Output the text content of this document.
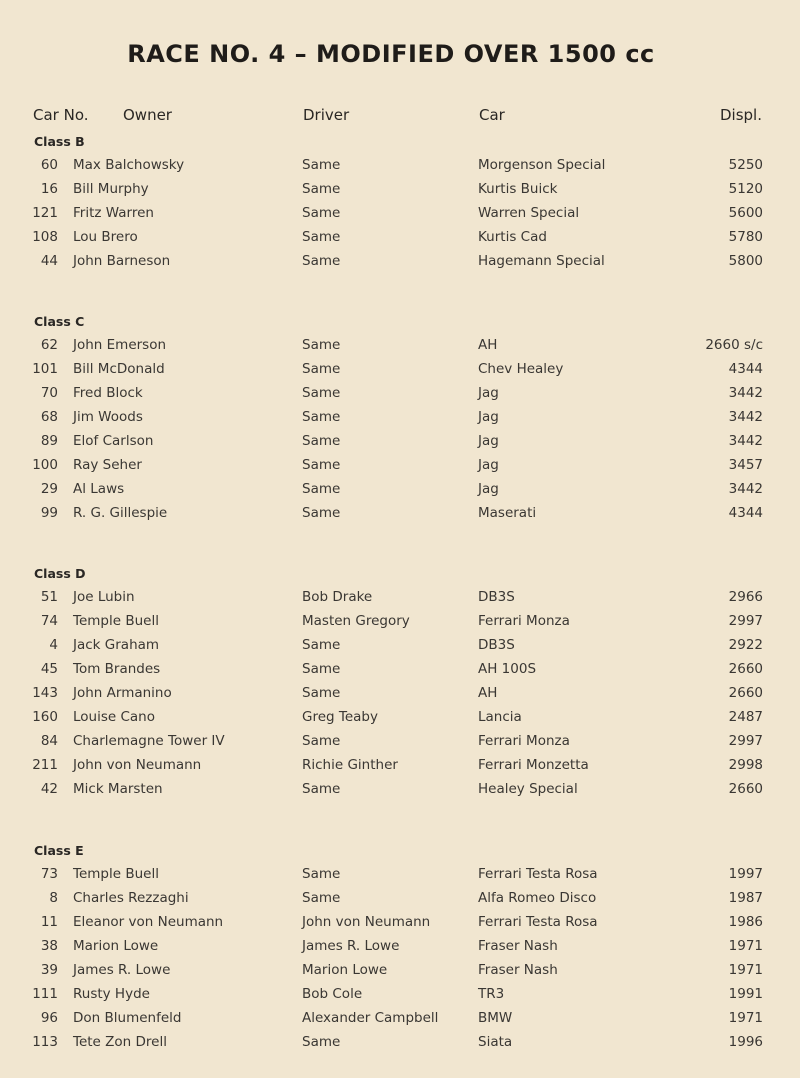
RACE NO. 4 – MODIFIED OVER 1500 cc
Car No. Owner	Driver	Car	Displ.
Class B
60 Max Balchowsky	Same	Morgenson Special	5250
16 Bill Murphy	Same	Kurtis Buick	5120
121 Fritz Warren	Same	Warren Special	5600
108 Lou Brero	Same	Kurtis Cad	5780
44 John Barneson	Same	Hagemann Special	5800
Class C
62 John Emerson	Same	AH	2660 s/c
101 Bill McDonald	Same	Chev Healey	4344
70 Fred Block	Same	Jag	3442
68 Jim Woods	Same	Jag	3442
89 Elof Carlson	Same	Jag	3442
100 Ray Seher	Same	Jag	3457
29 Al Laws	Same	Jag	3442
99 R. G. Gillespie	Same	Maserati	4344
Class D
51 Joe Lubin	Bob Drake	DB3S	2966
74 Temple Buell	Masten Gregory	Ferrari Monza	2997
4 Jack Graham	Same	DB3S	2922
45 Tom Brandes	Same	AH 100S	2660
143 John Armanino	Same	AH	2660
160 Louise Cano	Greg Teaby	Lancia	2487
84 Charlemagne Tower IV	Same	Ferrari Monza	2997
211 John von Neumann	Richie Ginther	Ferrari Monzetta	2998
42 Mick Marsten	Same	Healey Special	2660
Class E
73 Temple Buell	Same	Ferrari Testa Rosa	1997
8 Charles Rezzaghi	Same	Alfa Romeo Disco	1987
11 Eleanor von Neumann	John von Neumann	Ferrari Testa Rosa	1986
38 Marion Lowe	James R. Lowe	Fraser Nash	1971
39 James R. Lowe	Marion Lowe	Fraser Nash	1971
111 Rusty Hyde	Bob Cole	TR3	1991
96 Don Blumenfeld	Alexander Campbell	BMW	1971
113 Tete Zon Drell	Same	Siata	1996
